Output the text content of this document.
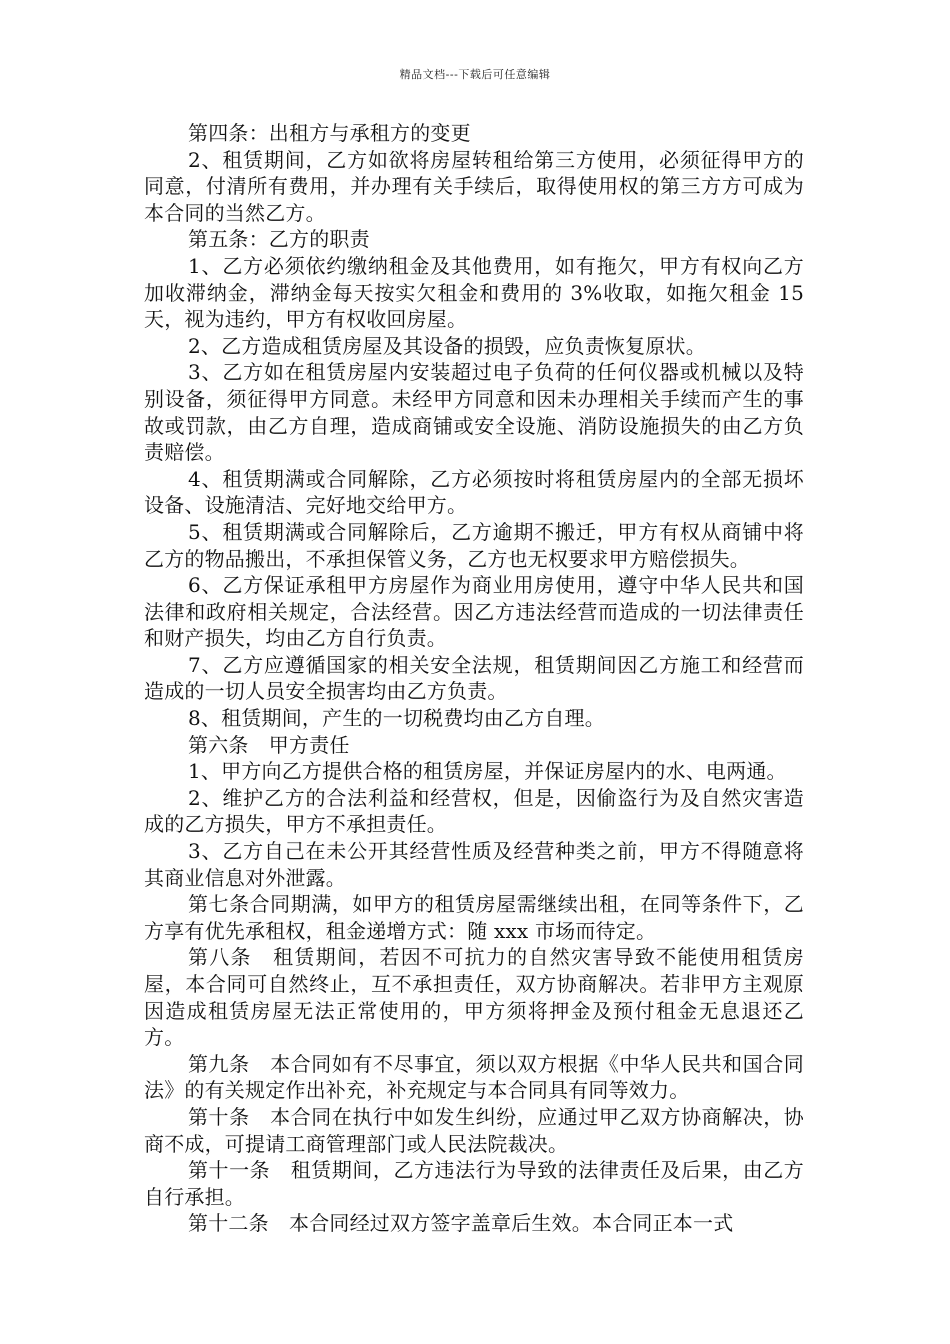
精品文档---下载后可任意编辑

第四条：出租方与承租方的变更

2、租赁期间，乙方如欲将房屋转租给第三方使用，必须征得甲方的同意，付清所有费用，并办理有关手续后，取得使用权的第三方方可成为本合同的当然乙方。

第五条：乙方的职责

1、乙方必须依约缴纳租金及其他费用，如有拖欠，甲方有权向乙方加收滞纳金，滞纳金每天按实欠租金和费用的 3%收取，如拖欠租金 15 天，视为违约，甲方有权收回房屋。

2、乙方造成租赁房屋及其设备的损毁，应负责恢复原状。

3、乙方如在租赁房屋内安装超过电子负荷的任何仪器或机械以及特别设备，须征得甲方同意。未经甲方同意和因未办理相关手续而产生的事故或罚款，由乙方自理，造成商铺或安全设施、消防设施损失的由乙方负责赔偿。

4、租赁期满或合同解除，乙方必须按时将租赁房屋内的全部无损坏设备、设施清洁、完好地交给甲方。

5、租赁期满或合同解除后，乙方逾期不搬迁，甲方有权从商铺中将乙方的物品搬出，不承担保管义务，乙方也无权要求甲方赔偿损失。

6、乙方保证承租甲方房屋作为商业用房使用，遵守中华人民共和国法律和政府相关规定，合法经营。因乙方违法经营而造成的一切法律责任和财产损失，均由乙方自行负责。

7、乙方应遵循国家的相关安全法规，租赁期间因乙方施工和经营而造成的一切人员安全损害均由乙方负责。

8、租赁期间，产生的一切税费均由乙方自理。

第六条　甲方责任

1、甲方向乙方提供合格的租赁房屋，并保证房屋内的水、电两通。

2、维护乙方的合法利益和经营权，但是，因偷盗行为及自然灾害造成的乙方损失，甲方不承担责任。

3、乙方自己在未公开其经营性质及经营种类之前，甲方不得随意将其商业信息对外泄露。

第七条合同期满，如甲方的租赁房屋需继续出租，在同等条件下，乙方享有优先承租权，租金递增方式：随 xxx 市场而待定。

第八条　租赁期间，若因不可抗力的自然灾害导致不能使用租赁房屋，本合同可自然终止，互不承担责任，双方协商解决。若非甲方主观原因造成租赁房屋无法正常使用的，甲方须将押金及预付租金无息退还乙方。

第九条　本合同如有不尽事宜，须以双方根据《中华人民共和国合同法》的有关规定作出补充，补充规定与本合同具有同等效力。

第十条　本合同在执行中如发生纠纷，应通过甲乙双方协商解决，协商不成，可提请工商管理部门或人民法院裁决。

第十一条　租赁期间，乙方违法行为导致的法律责任及后果，由乙方自行承担。

第十二条　本合同经过双方签字盖章后生效。本合同正本一式
